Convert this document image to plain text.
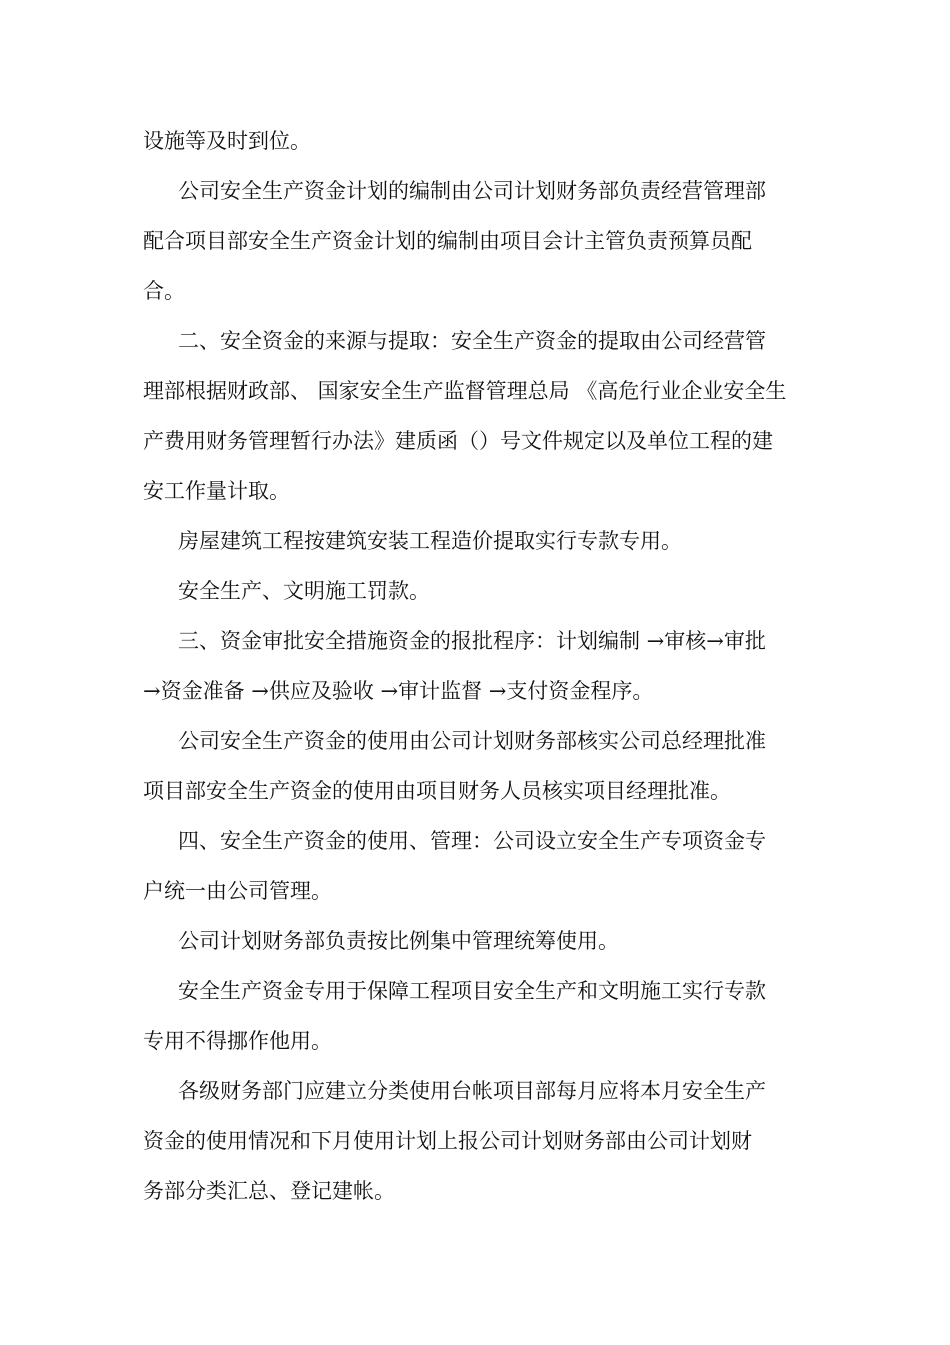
设施等及时到位。

公司安全生产资金计划的编制由公司计划财务部负责经营管理部

配合项目部安全生产资金计划的编制由项目会计主管负责预算员配

合。

二、安全资金的来源与提取：安全生产资金的提取由公司经营管

理部根据财政部、 国家安全生产监督管理总局 《高危行业企业安全生

产费用财务管理暂行办法》建质函（）号文件规定以及单位工程的建

安工作量计取。

房屋建筑工程按建筑安装工程造价提取实行专款专用。

安全生产、文明施工罚款。

三、资金审批安全措施资金的报批程序：计划编制 →审核→审批

→资金准备 →供应及验收 →审计监督 →支付资金程序。

公司安全生产资金的使用由公司计划财务部核实公司总经理批准

项目部安全生产资金的使用由项目财务人员核实项目经理批准。

四、安全生产资金的使用、管理：公司设立安全生产专项资金专

户统一由公司管理。

公司计划财务部负责按比例集中管理统筹使用。

安全生产资金专用于保障工程项目安全生产和文明施工实行专款

专用不得挪作他用。

各级财务部门应建立分类使用台帐项目部每月应将本月安全生产

资金的使用情况和下月使用计划上报公司计划财务部由公司计划财

务部分类汇总、登记建帐。
